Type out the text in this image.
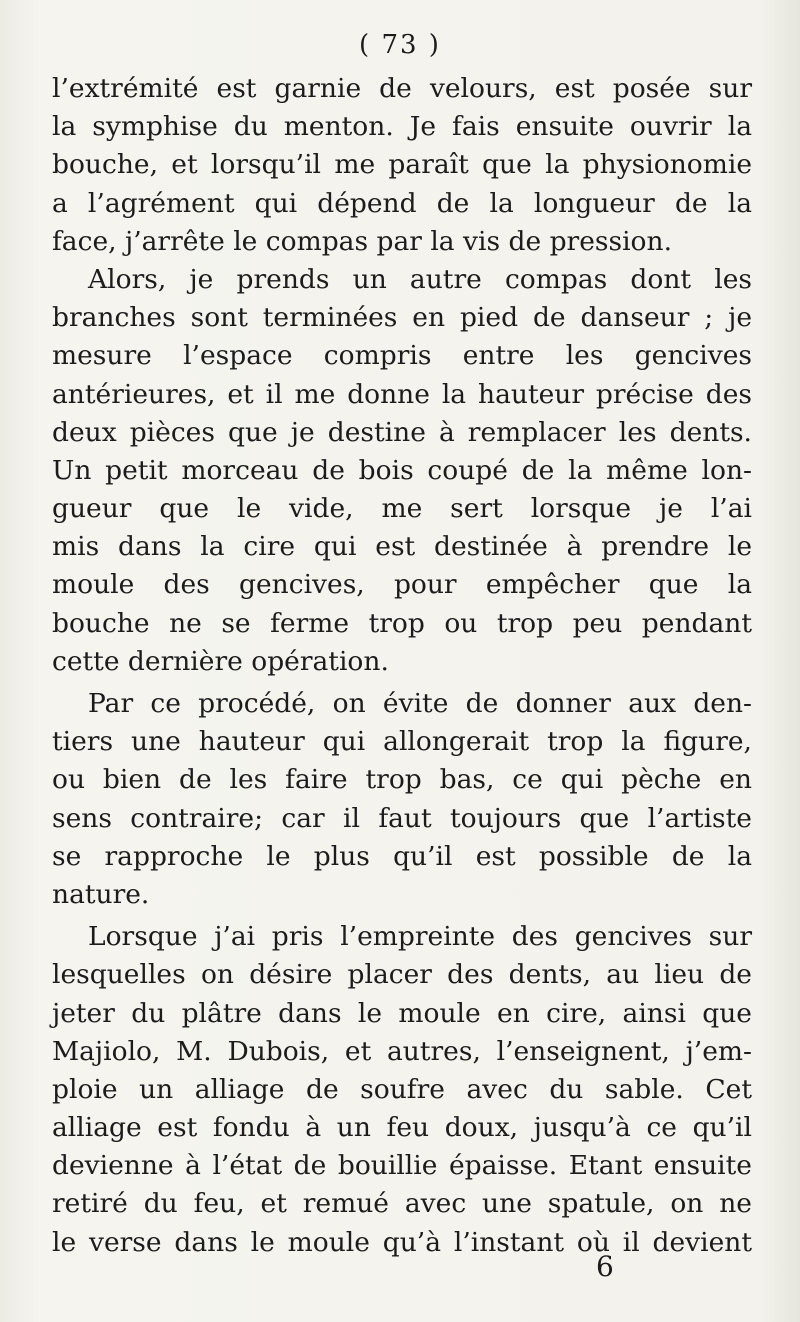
( 73 )
l’extrémité est garnie de velours, est posée sur
la symphise du menton. Je fais ensuite ouvrir la
bouche, et lorsqu’il me paraît que la physionomie
a l’agrément qui dépend de la longueur de la
face, j’arrête le compas par la vis de pression.
Alors, je prends un autre compas dont les
branches sont terminées en pied de danseur ; je
mesure l’espace compris entre les gencives
antérieures, et il me donne la hauteur précise des
deux pièces que je destine à remplacer les dents.
Un petit morceau de bois coupé de la même lon-
gueur que le vide, me sert lorsque je l’ai
mis dans la cire qui est destinée à prendre le
moule des gencives, pour empêcher que la
bouche ne se ferme trop ou trop peu pendant
cette dernière opération.
Par ce procédé, on évite de donner aux den-
tiers une hauteur qui allongerait trop la figure,
ou bien de les faire trop bas, ce qui pèche en
sens contraire; car il faut toujours que l’artiste
se rapproche le plus qu’il est possible de la
nature.
Lorsque j’ai pris l’empreinte des gencives sur
lesquelles on désire placer des dents, au lieu de
jeter du plâtre dans le moule en cire, ainsi que
Majiolo, M. Dubois, et autres, l’enseignent, j’em-
ploie un alliage de soufre avec du sable. Cet
alliage est fondu à un feu doux, jusqu’à ce qu’il
devienne à l’état de bouillie épaisse. Etant ensuite
retiré du feu, et remué avec une spatule, on ne
le verse dans le moule qu’à l’instant où il devient
6
